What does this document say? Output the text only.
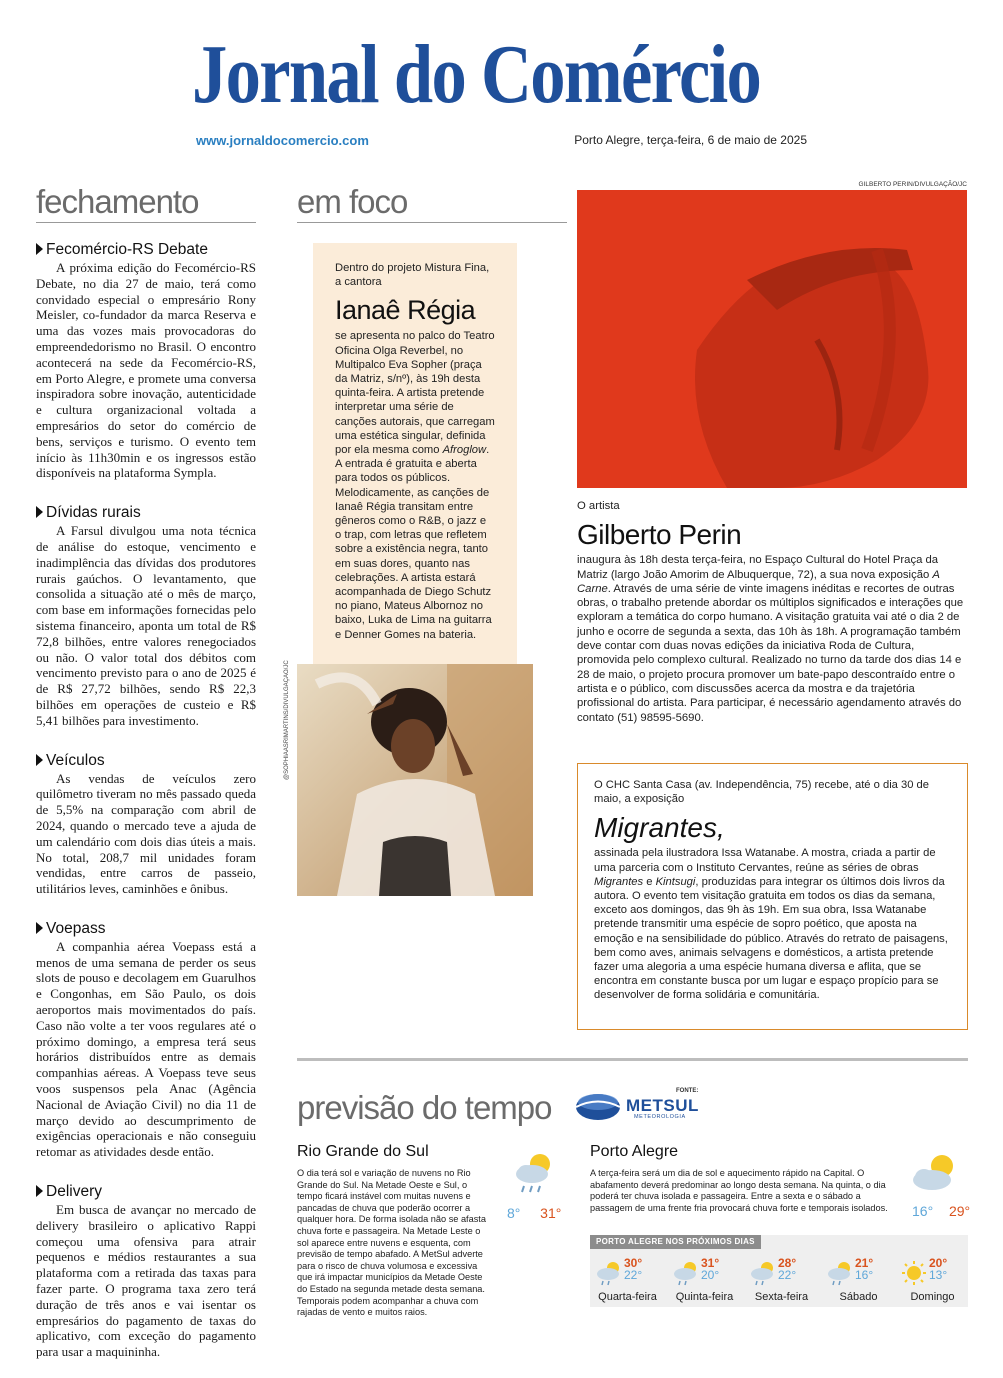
Jornal do Comércio
www.jornaldocomercio.com	Porto Alegre, terça-feira, 6 de maio de 2025
fechamento	em foco
Fecomércio-RS Debate

A próxima edição do Fecomércio-RS Debate, no dia 27 de maio, terá como convidado especial o empresário Rony Meisler, co-fundador da marca Reserva e uma das vozes mais provocadoras do empreendedorismo no Brasil. O encontro acontecerá na sede da Fecomércio-RS, em Porto Alegre, e promete uma conversa inspiradora sobre inovação, autenticidade e cultura organizacional voltada a empresários do setor do comércio de bens, serviços e turismo. O evento tem início às 11h30min e os ingressos estão disponíveis na plataforma Sympla.

Dívidas rurais

A Farsul divulgou uma nota técnica de análise do estoque, vencimento e inadimplência das dívidas dos produtores rurais gaúchos. O levantamento, que consolida a situação até o mês de março, com base em informações fornecidas pelo sistema financeiro, aponta um total de R$ 72,8 bilhões, entre valores renegociados ou não. O valor total dos débitos com vencimento previsto para o ano de 2025 é de R$ 27,72 bilhões, sendo R$ 22,3 bilhões em operações de custeio e R$ 5,41 bilhões para investimento.

Veículos

As vendas de veículos zero quilômetro tiveram no mês passado queda de 5,5% na comparação com abril de 2024, quando o mercado teve a ajuda de um calendário com dois dias úteis a mais. No total, 208,7 mil unidades foram vendidas, entre carros de passeio, utilitários leves, caminhões e ônibus.

Voepass

A companhia aérea Voepass está a menos de uma semana de perder os seus slots de pouso e decolagem em Guarulhos e Congonhas, em São Paulo, os dois aeroportos mais movimentados do país. Caso não volte a ter voos regulares até o próximo domingo, a empresa terá seus horários distribuídos entre as demais companhias aéreas. A Voepass teve seus voos suspensos pela Anac (Agência Nacional de Aviação Civil) no dia 11 de março devido ao descumprimento de exigências operacionais e não conseguiu retomar as atividades desde então.

Delivery

Em busca de avançar no mercado de delivery brasileiro o aplicativo Rappi começou uma ofensiva para atrair pequenos e médios restaurantes a sua plataforma com a retirada das taxas para fazer parte. O programa taxa zero terá duração de três anos e vai isentar os empresários do pagamento de taxas do aplicativo, com exceção do pagamento para usar a maquininha.

Dentro do projeto Mistura Fina, a cantora
Ianaê Régia
se apresenta no palco do Teatro Oficina Olga Reverbel, no Multipalco Eva Sopher (praça da Matriz, s/nº), às 19h desta quinta-feira. A artista pretende interpretar uma série de canções autorais, que carregam uma estética singular, definida por ela mesma como Afroglow. A entrada é gratuita e aberta para todos os públicos. Melodicamente, as canções de Ianaê Régia transitam entre gêneros como o R&B, o jazz e o trap, com letras que refletem sobre a existência negra, tanto em suas dores, quanto nas celebrações. A artista estará acompanhada de Diego Schutz no piano, Mateus Albornoz no baixo, Luka de Lima na guitarra e Denner Gomes na bateria.
@SOPHIAASRIMARTINS/DIVULGAÇÃO/JC
GILBERTO PERIN/DIVULGAÇÃO/JC
O artista
Gilberto Perin
inaugura às 18h desta terça-feira, no Espaço Cultural do Hotel Praça da Matriz (largo João Amorim de Albuquerque, 72), a sua nova exposição A Carne. Através de uma série de vinte imagens inéditas e recortes de outras obras, o trabalho pretende abordar os múltiplos significados e interações que exploram a temática do corpo humano. A visitação gratuita vai até o dia 2 de junho e ocorre de segunda a sexta, das 10h às 18h. A programação também deve contar com duas novas edições da iniciativa Roda de Cultura, promovida pelo complexo cultural. Realizado no turno da tarde dos dias 14 e 28 de maio, o projeto procura promover um bate-papo descontraído entre o artista e o público, com discussões acerca da mostra e da trajetória profissional do artista. Para participar, é necessário agendamento através do contato (51) 98595-5690.
O CHC Santa Casa (av. Independência, 75) recebe, até o dia 30 de maio, a exposição
Migrantes,
assinada pela ilustradora Issa Watanabe. A mostra, criada a partir de uma parceria com o Instituto Cervantes, reúne as séries de obras Migrantes e Kintsugi, produzidas para integrar os últimos dois livros da autora. O evento tem visitação gratuita em todos os dias da semana, exceto aos domingos, das 9h às 19h. Em sua obra, Issa Watanabe pretende transmitir uma espécie de sopro poético, que aposta na emoção e na sensibilidade do público. Através do retrato de paisagens, bem como aves, animais selvagens e domésticos, a artista pretende fazer uma alegoria a uma espécie humana diversa e aflita, que se encontra em constante busca por um lugar e espaço propício para se desenvolver de forma solidária e comunitária.
previsão do tempo	FONTE:
METSUL
METEOROLOGIA
Rio Grande do Sul
O dia terá sol e variação de nuvens no Rio Grande do Sul. Na Metade Oeste e Sul, o tempo ficará instável com muitas nuvens e pancadas de chuva que poderão ocorrer a qualquer hora. De forma isolada não se afasta chuva forte e passageira. Na Metade Leste o sol aparece entre nuvens e esquenta, com previsão de tempo abafado. A MetSul adverte para o risco de chuva volumosa e excessiva que irá impactar municípios da Metade Oeste do Estado na segunda metade desta semana. Temporais podem acompanhar a chuva com rajadas de vento e muitos raios.
8° 31°
Porto Alegre
A terça-feira será um dia de sol e aquecimento rápido na Capital. O abafamento deverá predominar ao longo desta semana. Na quinta, o dia poderá ter chuva isolada e passageira. Entre a sexta e o sábado a passagem de uma frente fria provocará chuva forte e temporais isolados.	16° 29°
PORTO ALEGRE NOS PRÓXIMOS DIAS
30°
22°
Quarta-feira
31°
20°
Quinta-feira
28°
22°
Sexta-feira
21°
16°
Sábado
20°
13°
Domingo
